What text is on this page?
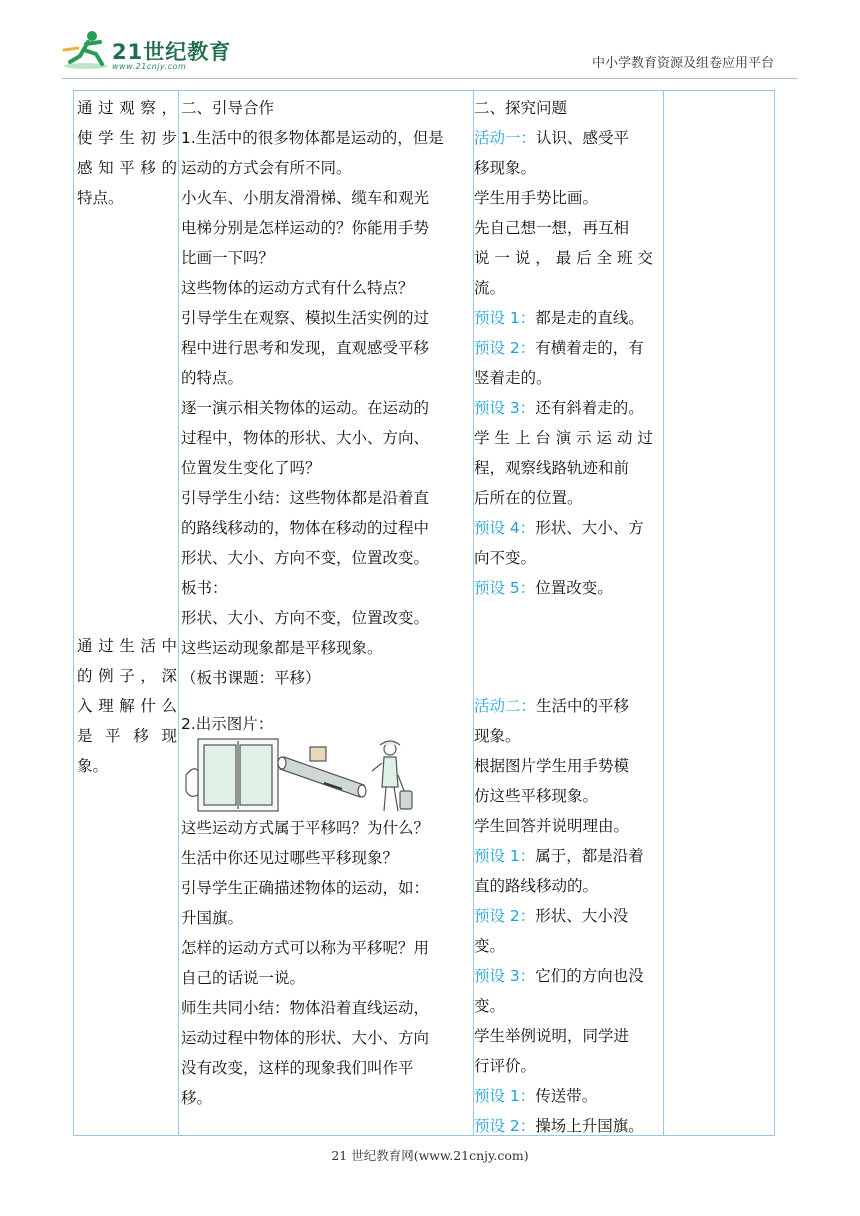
21世纪教育
www.21cnjy.com	中小学教育资源及组卷应用平台
通过观察，
使学生初步
感知平移的
特点。
通过生活中
的例子，深
入理解什么
是 平 移 现
象。
二、引导合作
1.生活中的很多物体都是运动的，但是
运动的方式会有所不同。
小火车、小朋友滑滑梯、缆车和观光
电梯分别是怎样运动的？你能用手势
比画一下吗？
这些物体的运动方式有什么特点？
引导学生在观察、模拟生活实例的过
程中进行思考和发现，直观感受平移
的特点。
逐一演示相关物体的运动。在运动的
过程中，物体的形状、大小、方向、
位置发生变化了吗？
引导学生小结：这些物体都是沿着直
的路线移动的，物体在移动的过程中
形状、大小、方向不变，位置改变。
板书：
形状、大小、方向不变，位置改变。
这些运动现象都是平移现象。
（板书课题：平移）
2.出示图片：
这些运动方式属于平移吗？为什么？
生活中你还见过哪些平移现象？
引导学生正确描述物体的运动，如：
升国旗。
怎样的运动方式可以称为平移呢？用
自己的话说一说。
师生共同小结：物体沿着直线运动，
运动过程中物体的形状、大小、方向
没有改变，这样的现象我们叫作平
移。
二、探究问题
活动一：认识、感受平
移现象。
学生用手势比画。
先自己想一想，再互相
说 一 说 ， 最 后 全 班 交
流。
预设 1：都是走的直线。
预设 2：有横着走的，有
竖着走的。
预设 3：还有斜着走的。
学 生 上 台 演 示 运 动 过
程，观察线路轨迹和前
后所在的位置。
预设 4：形状、大小、方
向不变。
预设 5：位置改变。
活动二：生活中的平移
现象。
根据图片学生用手势模
仿这些平移现象。
学生回答并说明理由。
预设 1：属于，都是沿着
直的路线移动的。
预设 2：形状、大小没
变。
预设 3：它们的方向也没
变。
学生举例说明，同学进
行评价。
预设 1：传送带。
预设 2：操场上升国旗。
21 世纪教育网(www.21cnjy.com)
